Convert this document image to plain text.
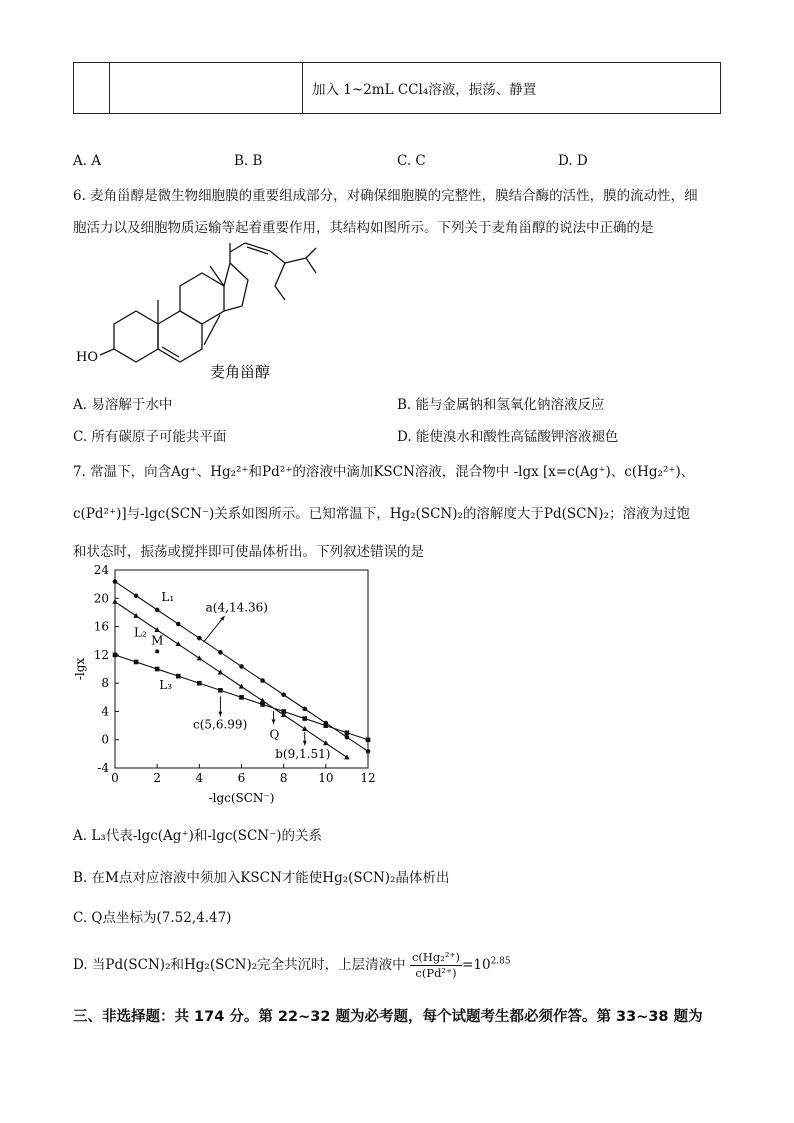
		加入 1~2mL CCl₄溶液，振荡、静置
A. A	B. B	C. C	D. D
6. 麦角甾醇是微生物细胞膜的重要组成部分，对确保细胞膜的完整性，膜结合酶的活性，膜的流动性，细
胞活力以及细胞物质运输等起着重要作用，其结构如图所示。下列关于麦角甾醇的说法中正确的是
HO
麦角甾醇
A. 易溶解于水中	B. 能与金属钠和氢氧化钠溶液反应
C. 所有碳原子可能共平面	D. 能使溴水和酸性高锰酸钾溶液褪色
7. 常温下，向含Ag⁺、Hg₂²⁺和Pd²⁺的溶液中滴加KSCN溶液，混合物中 -lgx [x=c(Ag⁺)、c(Hg₂²⁺)、
c(Pd²⁺)]与-lgc(SCN⁻)关系如图所示。已知常温下，Hg₂(SCN)₂的溶解度大于Pd(SCN)₂；溶液为过饱
和状态时，振荡或搅拌即可使晶体析出。下列叙述错误的是
0	2	4	6	8	10 12
-4
0
4
8
12
16
20
24
-lgc(SCN⁻)
-lgx
L₁
L₂
L₃
M
a(4,14.36)
c(5,6.99)
Q
b(9,1.51)
A. L₃代表-lgc(Ag⁺)和-lgc(SCN⁻)的关系
B. 在M点对应溶液中须加入KSCN才能使Hg₂(SCN)₂晶体析出
C. Q点坐标为(7.52,4.47)
D. 当Pd(SCN)₂和Hg₂(SCN)₂完全共沉时，上层清液中 $\frac{\text{c(Hg₂²⁺)}}{\text{c(Pd²⁺)}} =10^{2.85}$
三、非选择题：共 174 分。第 22~32 题为必考题，每个试题考生都必须作答。第 33~38 题为
